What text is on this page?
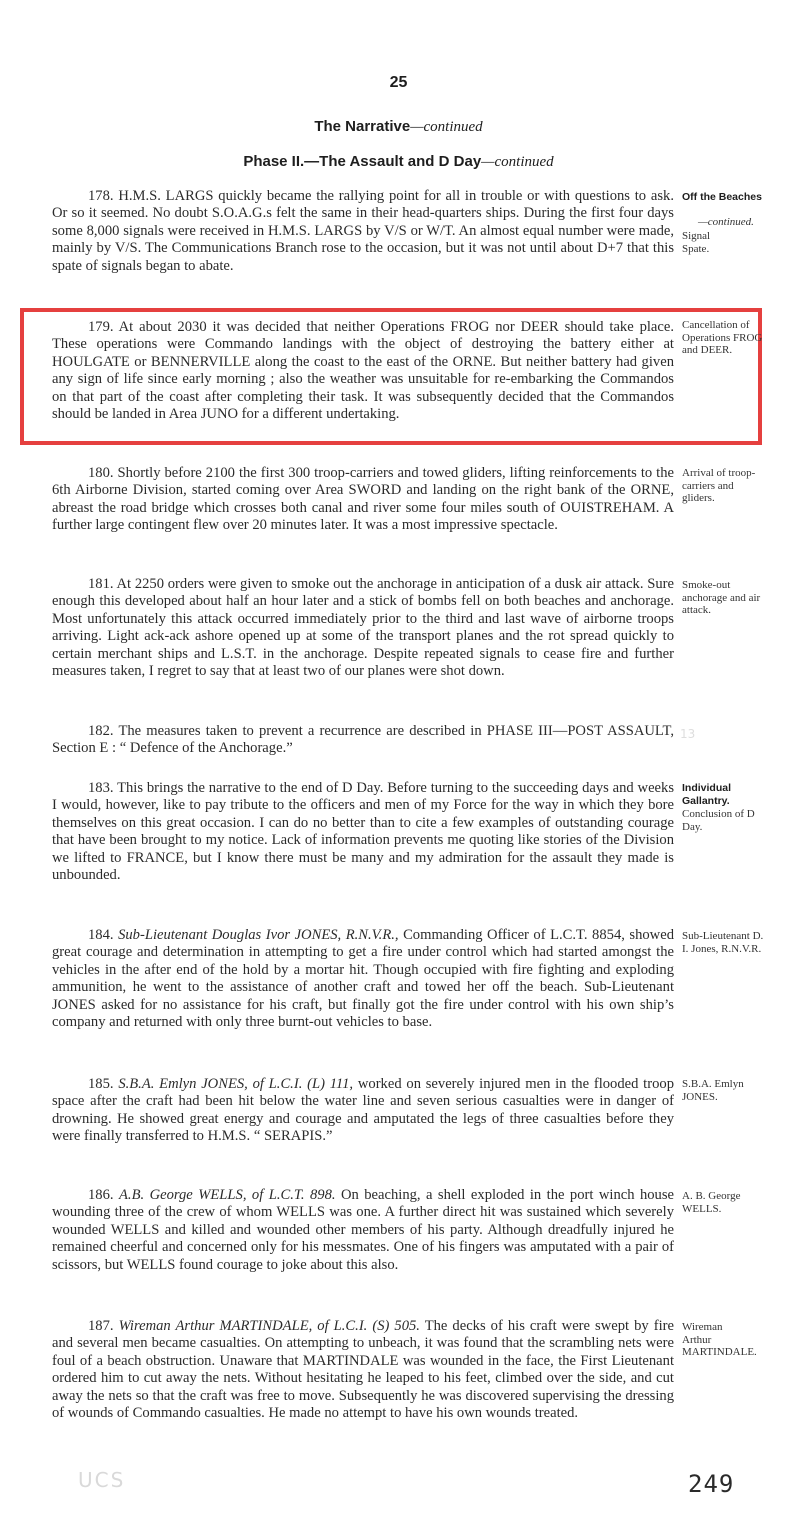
25
The Narrative—continued
Phase II.—The Assault and D Day—continued

178. H.M.S. LARGS quickly became the rallying point for all in trouble or with questions to ask. Or so it seemed. No doubt S.O.A.G.s felt the same in their head-quarters ships. During the first four days some 8,000 signals were received in H.M.S. LARGS by V/S or W/T. An almost equal number were made, mainly by V/S. The Communications Branch rose to the occasion, but it was not until about D+7 that this spate of signals began to abate.

Off the Beaches
—continued.
Signal Spate.

179. At about 2030 it was decided that neither Operations FROG nor DEER should take place. These operations were Commando landings with the object of destroying the battery either at HOULGATE or BENNERVILLE along the coast to the east of the ORNE. But neither battery had given any sign of life since early morning ; also the weather was unsuitable for re-embarking the Commandos on that part of the coast after completing their task. It was subsequently decided that the Commandos should be landed in Area JUNO for a different undertaking.

Cancellation of Operations FROG and DEER.

180. Shortly before 2100 the first 300 troop-carriers and towed gliders, lifting reinforcements to the 6th Airborne Division, started coming over Area SWORD and landing on the right bank of the ORNE, abreast the road bridge which crosses both canal and river some four miles south of OUISTREHAM. A further large contingent flew over 20 minutes later. It was a most impressive spectacle.

Arrival of troop-carriers and gliders.

181. At 2250 orders were given to smoke out the anchorage in anticipation of a dusk air attack. Sure enough this developed about half an hour later and a stick of bombs fell on both beaches and anchorage. Most unfortunately this attack occurred immediately prior to the third and last wave of airborne troops arriving. Light ack-ack ashore opened up at some of the transport planes and the rot spread quickly to certain merchant ships and L.S.T. in the anchorage. Despite repeated signals to cease fire and further measures taken, I regret to say that at least two of our planes were shot down.

Smoke-out anchorage and air attack.

182. The measures taken to prevent a recurrence are described in PHASE III—POST ASSAULT, Section E : “ Defence of the Anchorage.”

13

183. This brings the narrative to the end of D Day. Before turning to the succeeding days and weeks I would, however, like to pay tribute to the officers and men of my Force for the way in which they bore themselves on this great occasion. I can do no better than to cite a few examples of outstanding courage that have been brought to my notice. Lack of information prevents me quoting like stories of the Division we lifted to FRANCE, but I know there must be many and my admiration for the assault they made is unbounded.

Individual Gallantry.
Conclusion of D Day.

184. Sub-Lieutenant Douglas Ivor JONES, R.N.V.R., Commanding Officer of L.C.T. 8854, showed great courage and determination in attempting to get a fire under control which had started amongst the vehicles in the after end of the hold by a mortar hit. Though occupied with fire fighting and exploding ammunition, he went to the assistance of another craft and towed her off the beach. Sub-Lieutenant JONES asked for no assistance for his craft, but finally got the fire under control with his own ship’s company and returned with only three burnt-out vehicles to base.

Sub-Lieutenant D. I. Jones, R.N.V.R.

185. S.B.A. Emlyn JONES, of L.C.I. (L) 111, worked on severely injured men in the flooded troop space after the craft had been hit below the water line and seven serious casualties were in danger of drowning. He showed great energy and courage and amputated the legs of three casualties before they were finally transferred to H.M.S. “ SERAPIS.”

S.B.A. Emlyn JONES.

186. A.B. George WELLS, of L.C.T. 898. On beaching, a shell exploded in the port winch house wounding three of the crew of whom WELLS was one. A further direct hit was sustained which severely wounded WELLS and killed and wounded other members of his party. Although dreadfully injured he remained cheerful and concerned only for his messmates. One of his fingers was amputated with a pair of scissors, but WELLS found courage to joke about this also.

A. B. George WELLS.

187. Wireman Arthur MARTINDALE, of L.C.I. (S) 505. The decks of his craft were swept by fire and several men became casualties. On attempting to unbeach, it was found that the scrambling nets were foul of a beach obstruction. Unaware that MARTINDALE was wounded in the face, the First Lieutenant ordered him to cut away the nets. Without hesitating he leaped to his feet, climbed over the side, and cut away the nets so that the craft was free to move. Subsequently he was discovered supervising the dressing of wounds of Commando casualties. He made no attempt to have his own wounds treated.

Wireman Arthur MARTINDALE.
UCS	249
